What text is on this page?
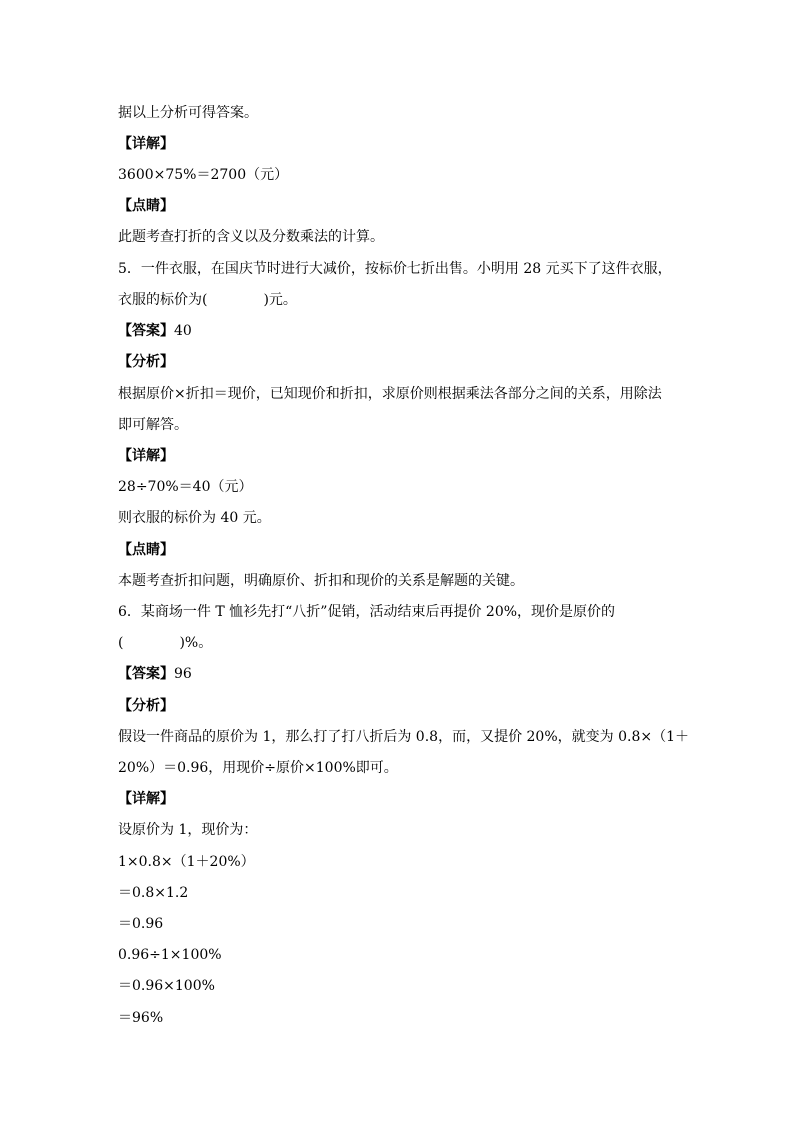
据以上分析可得答案。
【详解】
3600×75%＝2700（元）
【点睛】
此题考查打折的含义以及分数乘法的计算。
5．一件衣服，在国庆节时进行大减价，按标价七折出售。小明用 28 元买下了这件衣服，
衣服的标价为(　　　　)元。
【答案】40
【分析】
根据原价×折扣＝现价，已知现价和折扣，求原价则根据乘法各部分之间的关系，用除法
即可解答。
【详解】
28÷70%＝40（元）
则衣服的标价为 40 元。
【点睛】
本题考查折扣问题，明确原价、折扣和现价的关系是解题的关键。
6．某商场一件 T 恤衫先打“八折”促销，活动结束后再提价 20%，现价是原价的
(　　　　)%。
【答案】96
【分析】
假设一件商品的原价为 1，那么打了打八折后为 0.8，而，又提价 20%，就变为 0.8×（1＋
20%）＝0.96，用现价÷原价×100%即可。
【详解】
设原价为 1，现价为：
1×0.8×（1＋20%）
＝0.8×1.2
＝0.96
0.96÷1×100%
＝0.96×100%
＝96%
